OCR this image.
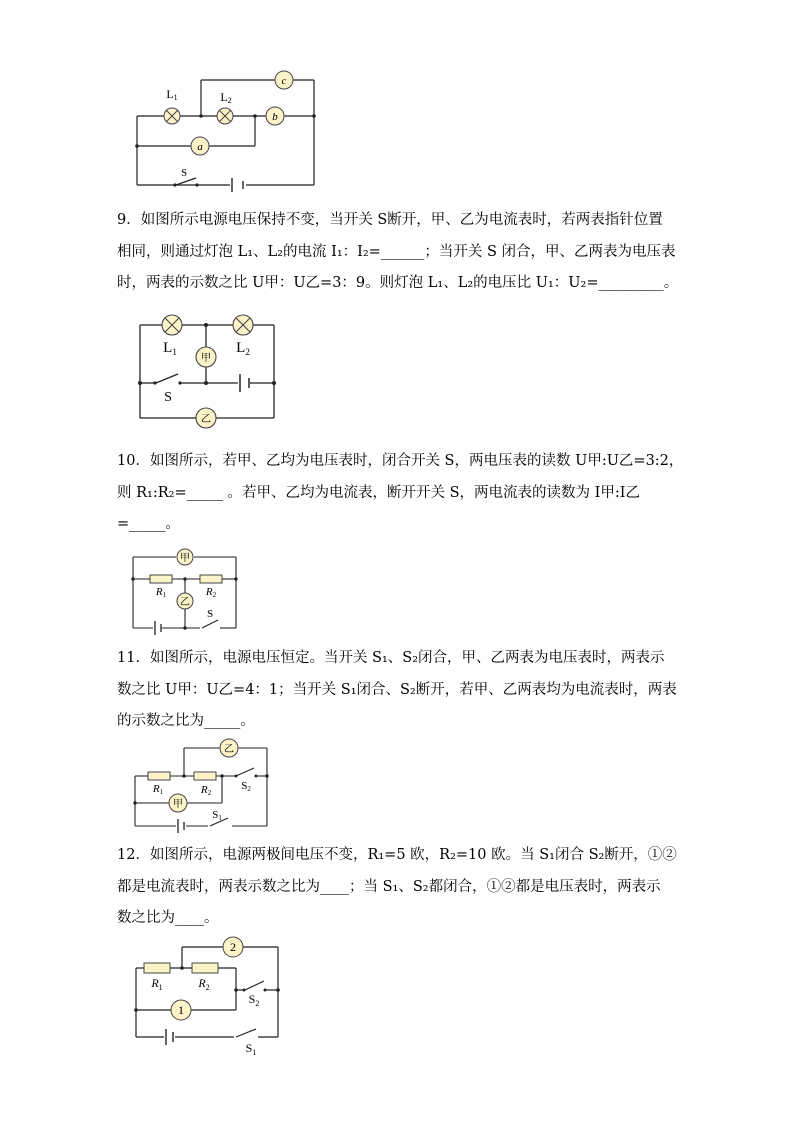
c
b
a
L1	L2
S
9．如图所示电源电压保持不变，当开关 S断开，甲、乙为电流表时，若两表指针位置
相同，则通过灯泡 L₁、L₂的电流 I₁：I₂=______；当开关 S 闭合，甲、乙两表为电压表
时，两表的示数之比 U甲：U乙=3：9。则灯泡 L₁、L₂的电压比 U₁：U₂=_________。
甲
乙
$L_1$	$L_2$
S
10．如图所示，若甲、乙均为电压表时，闭合开关 S，两电压表的读数 U甲:U乙=3:2，
则 R₁:R₂=_____ 。若甲、乙均为电流表，断开开关 S，两电流表的读数为 I甲:I乙
=_____。
甲
乙
R1	R2
S
11．如图所示，电源电压恒定。当开关 S₁、S₂闭合，甲、乙两表为电压表时，两表示
数之比 U甲：U乙=4：1；当开关 S₁闭合、S₂断开，若甲、乙两表均为电流表时，两表
的示数之比为_____。
乙
甲
R1	R2
S2
S1
12．如图所示，电源两极间电压不变，R₁=5 欧，R₂=10 欧。当 S₁闭合 S₂断开，①②
都是电流表时，两表示数之比为____；当 S₁、S₂都闭合，①②都是电压表时，两表示
数之比为____。
2
1
$R_1$	$R_2$
$S_2$
$S_1$
